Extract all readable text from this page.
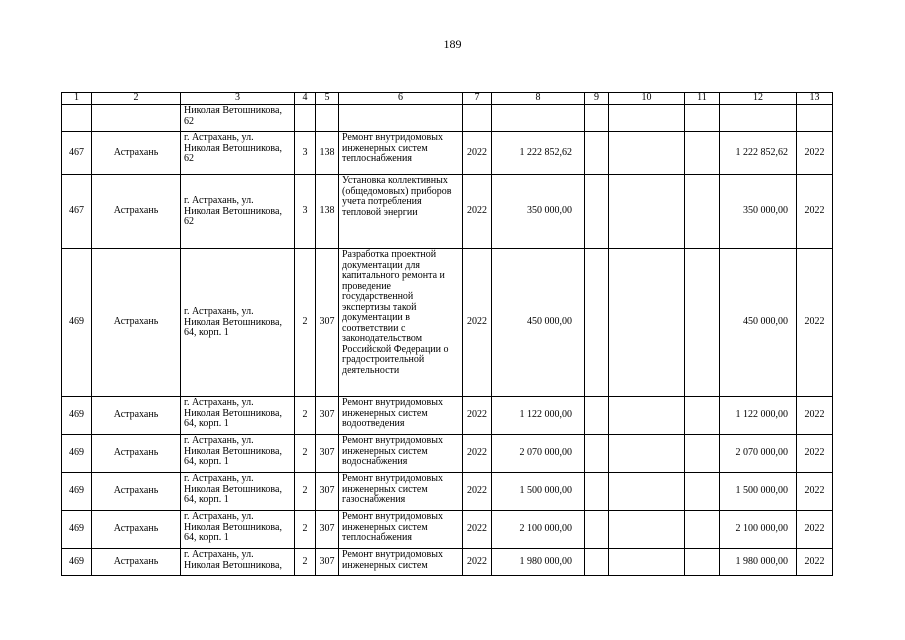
189
1	2	3	4	5	6	7	8	9	10	11	12	13
		Николая Ветошникова, 62										
467	Астрахань	г. Астрахань, ул. Николая Ветошникова, 62	3	138	Ремонт внутридомовых инженерных систем теплоснабжения	2022	1 222 852,62				1 222 852,62	2022
467	Астрахань	г. Астрахань, ул. Николая Ветошникова, 62	3	138	Установка коллективных (общедомовых) приборов учета потребления тепловой энергии	2022	350 000,00				350 000,00	2022
469	Астрахань	г. Астрахань, ул. Николая Ветошникова, 64, корп. 1	2	307	Разработка проектной документации для капитального ремонта и проведение государственной экспертизы такой документации в соответствии с законодательством Российской Федерации о градостроительной деятельности	2022	450 000,00				450 000,00	2022
469	Астрахань	г. Астрахань, ул. Николая Ветошникова, 64, корп. 1	2	307	Ремонт внутридомовых инженерных систем водоотведения	2022	1 122 000,00				1 122 000,00	2022
469	Астрахань	г. Астрахань, ул. Николая Ветошникова, 64, корп. 1	2	307	Ремонт внутридомовых инженерных систем водоснабжения	2022	2 070 000,00				2 070 000,00	2022
469	Астрахань	г. Астрахань, ул. Николая Ветошникова, 64, корп. 1	2	307	Ремонт внутридомовых инженерных систем газоснабжения	2022	1 500 000,00				1 500 000,00	2022
469	Астрахань	г. Астрахань, ул. Николая Ветошникова, 64, корп. 1	2	307	Ремонт внутридомовых инженерных систем теплоснабжения	2022	2 100 000,00				2 100 000,00	2022
469	Астрахань	г. Астрахань, ул. Николая Ветошникова,	2	307	Ремонт внутридомовых инженерных систем	2022	1 980 000,00				1 980 000,00	2022
